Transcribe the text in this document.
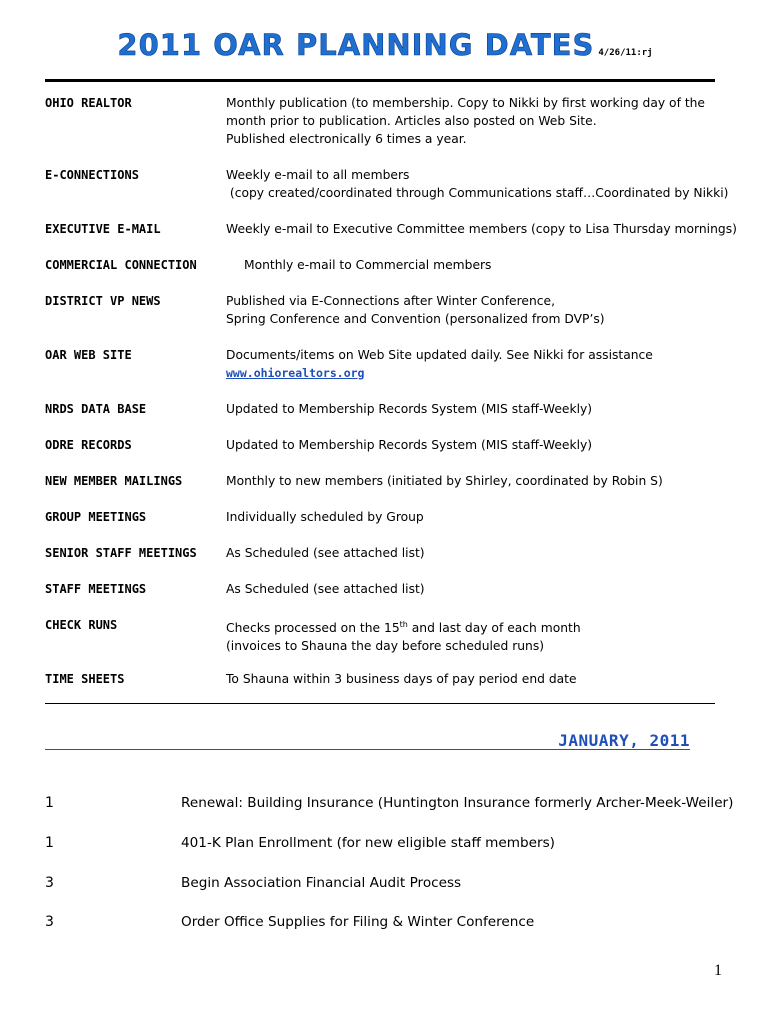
2011 OAR PLANNING DATES 4/26/11:rj
OHIO REALTOR	Monthly publication (to membership. Copy to Nikki by first working day of the
month prior to publication. Articles also posted on Web Site.
Published electronically 6 times a year.
E-CONNECTIONS	Weekly e-mail to all members
(copy created/coordinated through Communications staff…Coordinated by Nikki)
EXECUTIVE E-MAIL	Weekly e-mail to Executive Committee members (copy to Lisa Thursday mornings)
COMMERCIAL CONNECTION	Monthly e-mail to Commercial members
DISTRICT VP NEWS	Published via E-Connections after Winter Conference,
Spring Conference and Convention (personalized from DVP’s)
OAR WEB SITE	Documents/items on Web Site updated daily. See Nikki for assistance
www.ohiorealtors.org
NRDS DATA BASE	Updated to Membership Records System (MIS staff-Weekly)
ODRE RECORDS	Updated to Membership Records System (MIS staff-Weekly)
NEW MEMBER MAILINGS	Monthly to new members (initiated by Shirley, coordinated by Robin S)
GROUP MEETINGS	Individually scheduled by Group
SENIOR STAFF MEETINGS As Scheduled (see attached list)
STAFF MEETINGS	As Scheduled (see attached list)
CHECK RUNS	Checks processed on the 15th and last day of each month
(invoices to Shauna the day before scheduled runs)
TIME SHEETS	To Shauna within 3 business days of pay period end date
JANUARY, 2011
1	Renewal: Building Insurance (Huntington Insurance formerly Archer-Meek-Weiler)
1	401-K Plan Enrollment (for new eligible staff members)
3	Begin Association Financial Audit Process
3	Order Office Supplies for Filing & Winter Conference
1
